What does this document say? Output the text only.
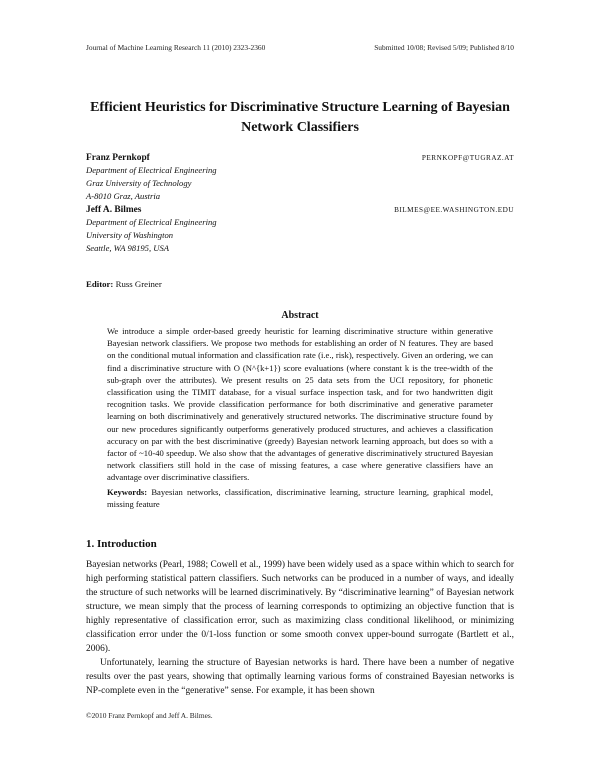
Journal of Machine Learning Research 11 (2010) 2323-2360	Submitted 10/08; Revised 5/09; Published 8/10
Efficient Heuristics for Discriminative Structure Learning of Bayesian Network Classifiers
Franz Pernkopf	PERNKOPF@TUGRAZ.AT
Department of Electrical Engineering
Graz University of Technology
A-8010 Graz, Austria
Jeff A. Bilmes	BILMES@EE.WASHINGTON.EDU
Department of Electrical Engineering
University of Washington
Seattle, WA 98195, USA
Editor: Russ Greiner
Abstract

We introduce a simple order-based greedy heuristic for learning discriminative structure within generative Bayesian network classifiers. We propose two methods for establishing an order of N features. They are based on the conditional mutual information and classification rate (i.e., risk), respectively. Given an ordering, we can find a discriminative structure with O (N^{k+1}) score evaluations (where constant k is the tree-width of the sub-graph over the attributes). We present results on 25 data sets from the UCI repository, for phonetic classification using the TIMIT database, for a visual surface inspection task, and for two handwritten digit recognition tasks. We provide classification performance for both discriminative and generative parameter learning on both discriminatively and generatively structured networks. The discriminative structure found by our new procedures significantly outperforms generatively produced structures, and achieves a classification accuracy on par with the best discriminative (greedy) Bayesian network learning approach, but does so with a factor of ~10-40 speedup. We also show that the advantages of generative discriminatively structured Bayesian network classifiers still hold in the case of missing features, a case where generative classifiers have an advantage over discriminative classifiers.

Keywords: Bayesian networks, classification, discriminative learning, structure learning, graphical model, missing feature

1. Introduction

Bayesian networks (Pearl, 1988; Cowell et al., 1999) have been widely used as a space within which to search for high performing statistical pattern classifiers. Such networks can be produced in a number of ways, and ideally the structure of such networks will be learned discriminatively. By “discriminative learning” of Bayesian network structure, we mean simply that the process of learning corresponds to optimizing an objective function that is highly representative of classification error, such as maximizing class conditional likelihood, or minimizing classification error under the 0/1-loss function or some smooth convex upper-bound surrogate (Bartlett et al., 2006).

Unfortunately, learning the structure of Bayesian networks is hard. There have been a number of negative results over the past years, showing that optimally learning various forms of constrained Bayesian networks is NP-complete even in the “generative” sense. For example, it has been shown

©2010 Franz Pernkopf and Jeff A. Bilmes.
